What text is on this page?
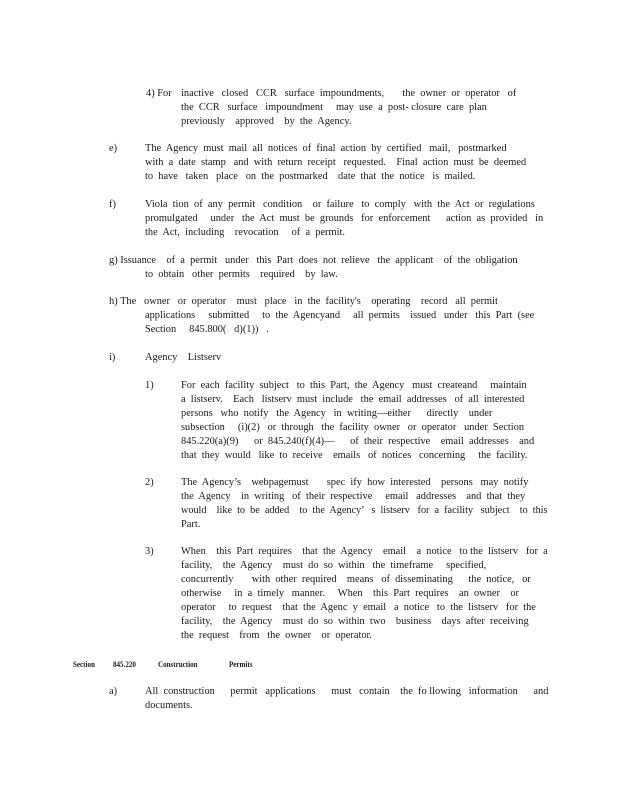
4) For inactive   closed   CCR   surface  impoundments,       the  owner  or  operator   of
the  CCR   surface   impoundment     may  use  a  post- closure  care  plan
previously    approved    by  the  Agency.
e)	The  Agency  must  mail  all  notices  of  final  action  by  certified   mail,   postmarked
with  a  date  stamp   and  with  return  receipt   requested.    Final  action  must  be  deemed
to  have   taken   place   on  the  postmarked    date  that  the  notice   is  mailed.
f)	Viola  tion  of  any  permit   condition    or  failure   to  comply   with  the  Act  or  regulations
promulgated     under   the  Act  must  be  grounds   for  enforcement      action  as  provided   in
the  Act,  including    revocation     of  a  permit.
g) Issuance    of  a  permit   under   this  Part  does  not  relieve   the  applicant    of  the  obligation
to  obtain   other  permits    required    by  law.
h) The   owner   or  operator    must   place   in  the  facility's    operating    record   all  permit
applications     submitted     to  the  Agencyand     all  permits    issued   under   this  Part  (see
Section     845.800(   d)(1))   .
i)	Agency    Listserv
1)	For  each  facility  subject   to  this  Part,  the  Agency   must  createand     maintain
a  listserv.    Each   listserv  must  include   the  email  addresses   of  all  interested
persons   who  notify   the  Agency   in  writing—either      directly    under
subsection     (i)(2)   or  through   the  facility  owner   or  operator   under  Section
845.220(a)(9)      or  845.240(f)(4)—      of  their  respective    email  addresses    and
that  they  would   like  to  receive    emails   of  notices   concerning     the  facility.
2)	The  Agency’s    webpagemust       spec  ify  how  interested    persons   may  notify
the  Agency    in  writing   of  their  respective     email   addresses    and  that  they
would    like  to  be  added    to  the  Agency’   s  listserv   for  a  facility   subject    to  this
Part.
3)	When    this  Part  requires    that  the  Agency    email    a  notice   to the  listserv   for  a
facility,    the  Agency    must  do  so  within   the  timeframe     specified,
concurrently       with  other  required    means   of  disseminating      the  notice,   or
otherwise     in  a  timely   manner.     When    this  Part  requires    an  owner    or
operator     to  request    that  the  Agenc  y  email   a  notice   to  the  listserv   for  the
facility,    the  Agency    must  do  so  within  two    business    days  after  receiving
the  request    from   the  owner    or  operator.
Section 845.220	Construction	Permits
a)	All  construction      permit   applications      must   contain    the  fo llowing   information      and
documents.
